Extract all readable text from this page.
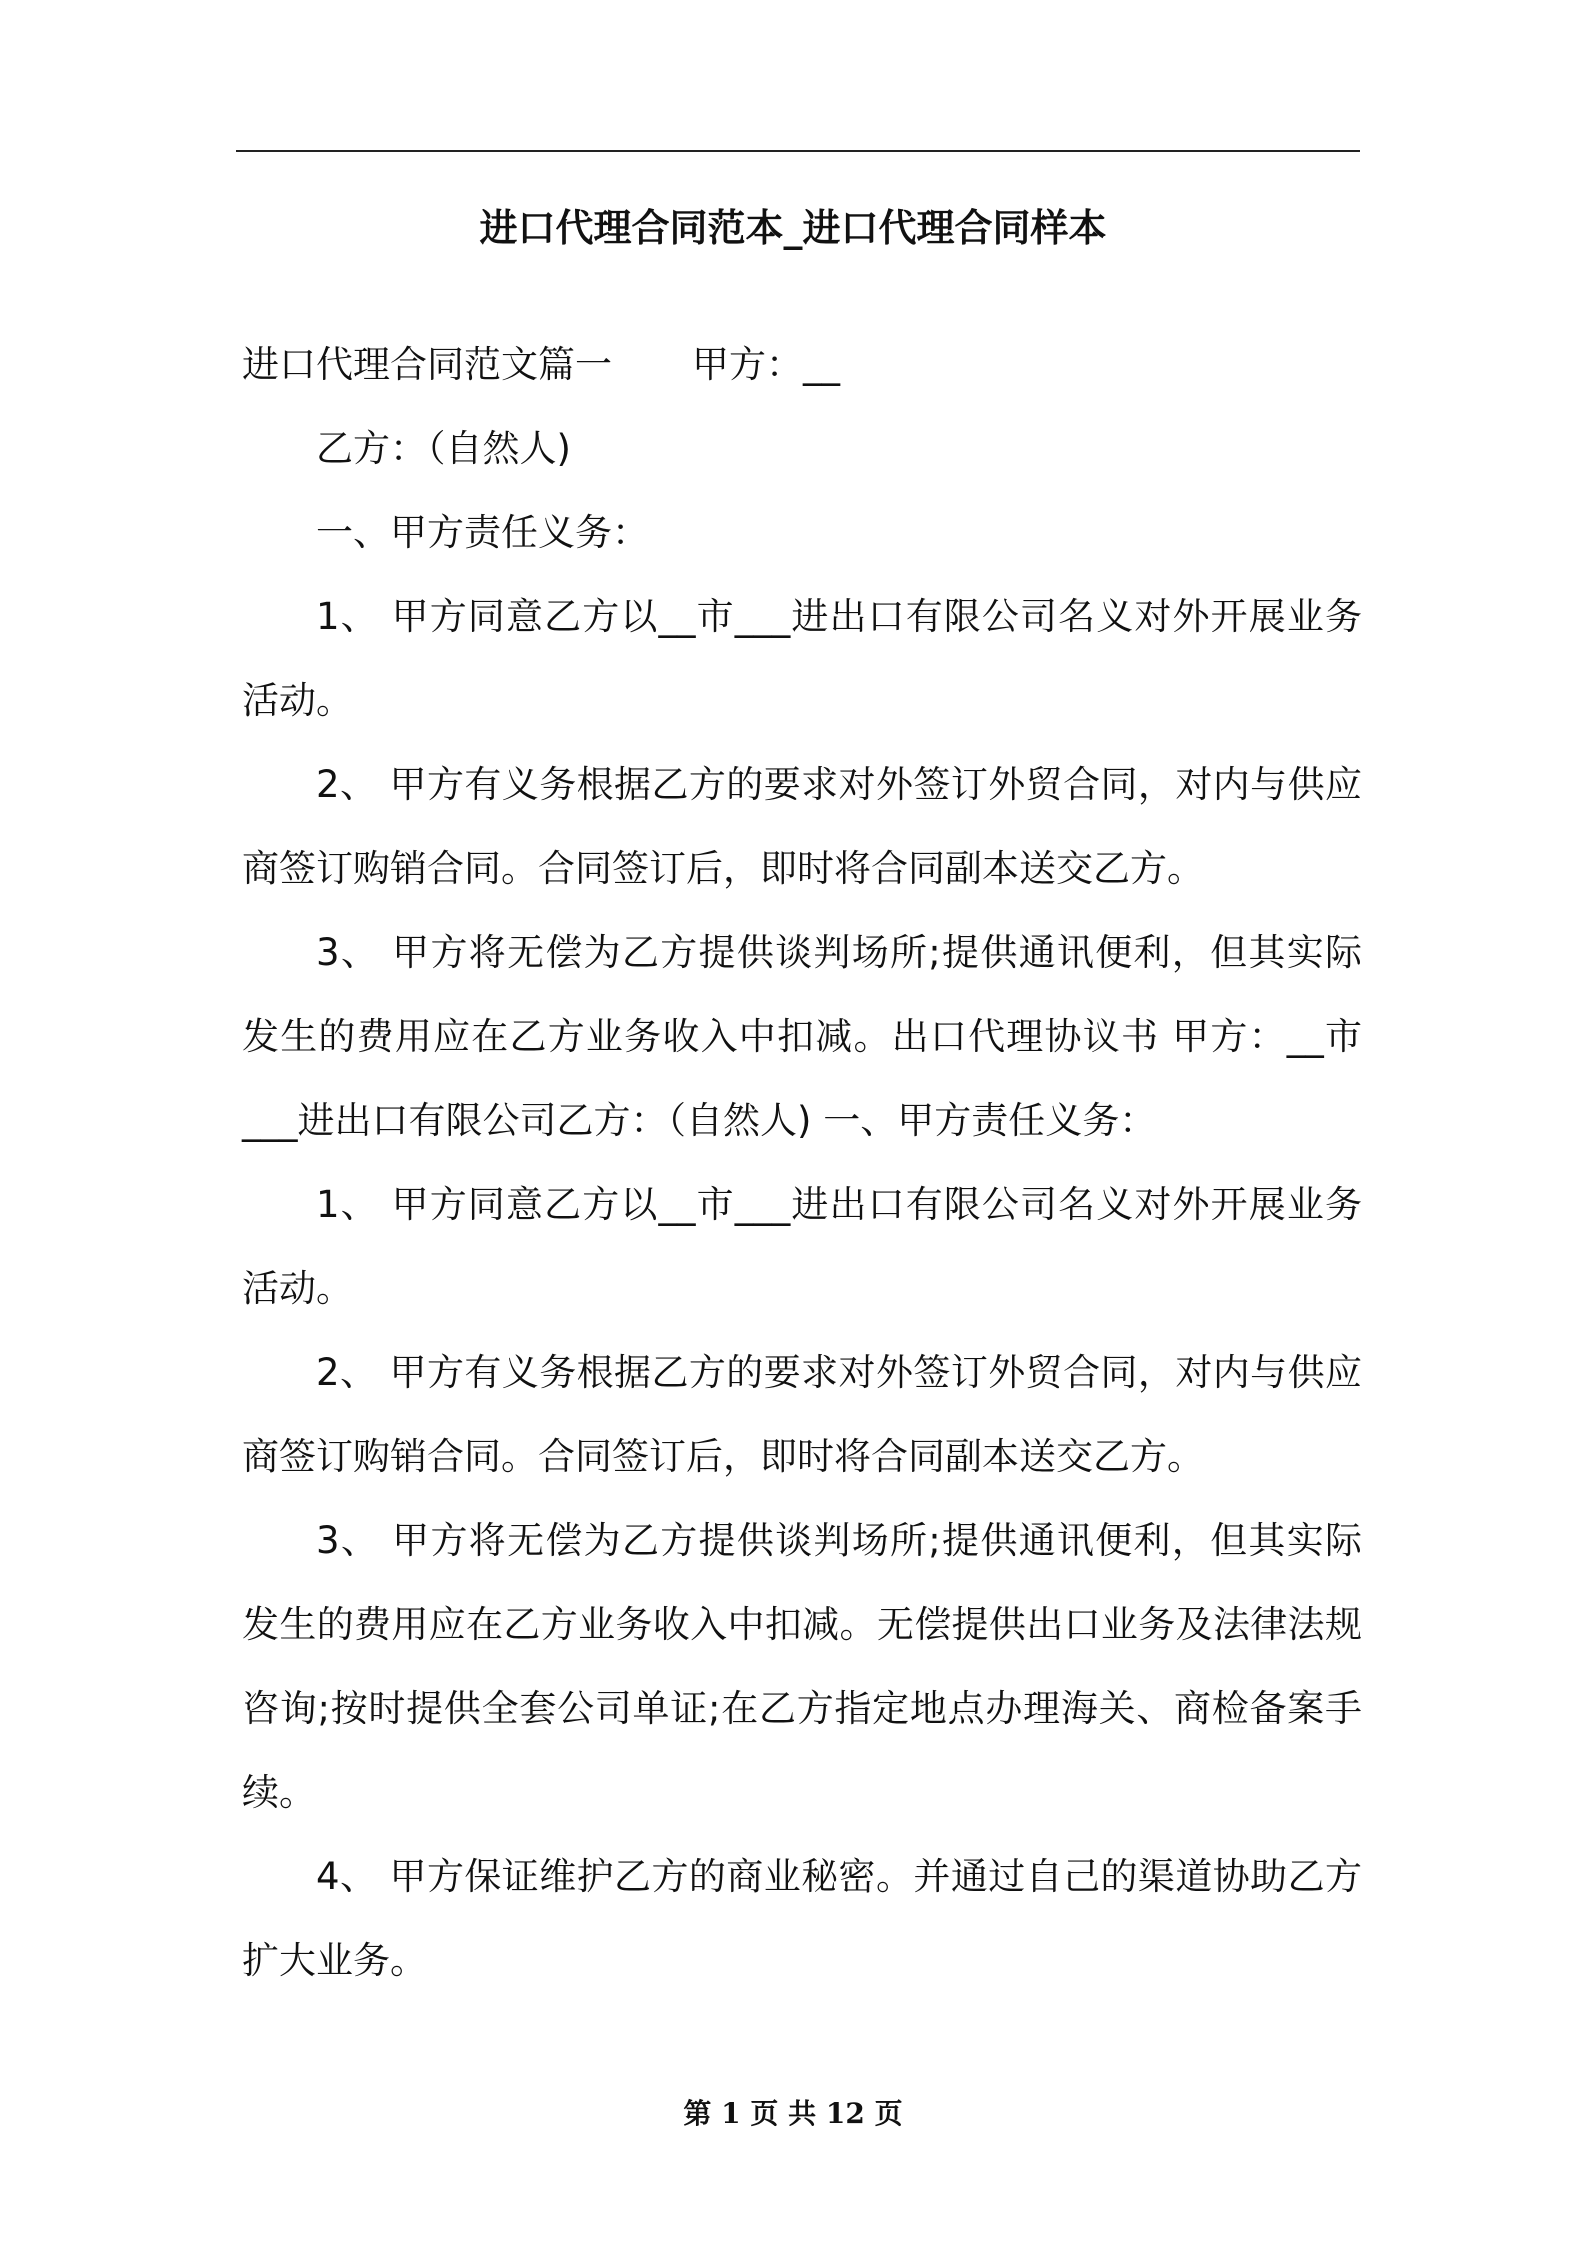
进口代理合同范本_进口代理合同样本

进口代理合同范文篇一 甲方：__

乙方：（自然人)

一、甲方责任义务：

1、 甲方同意乙方以__市___进出口有限公司名义对外开展业务活动。

2、 甲方有义务根据乙方的要求对外签订外贸合同，对内与供应商签订购销合同。合同签订后，即时将合同副本送交乙方。

3、 甲方将无偿为乙方提供谈判场所;提供通讯便利，但其实际发生的费用应在乙方业务收入中扣减。出口代理协议书 甲方：__市___进出口有限公司乙方：（自然人) 一、甲方责任义务：

1、 甲方同意乙方以__市___进出口有限公司名义对外开展业务活动。

2、 甲方有义务根据乙方的要求对外签订外贸合同，对内与供应商签订购销合同。合同签订后，即时将合同副本送交乙方。

3、 甲方将无偿为乙方提供谈判场所;提供通讯便利，但其实际发生的费用应在乙方业务收入中扣减。无偿提供出口业务及法律法规咨询;按时提供全套公司单证;在乙方指定地点办理海关、商检备案手续。

4、 甲方保证维护乙方的商业秘密。并通过自己的渠道协助乙方扩大业务。

第 1 页 共 12 页
